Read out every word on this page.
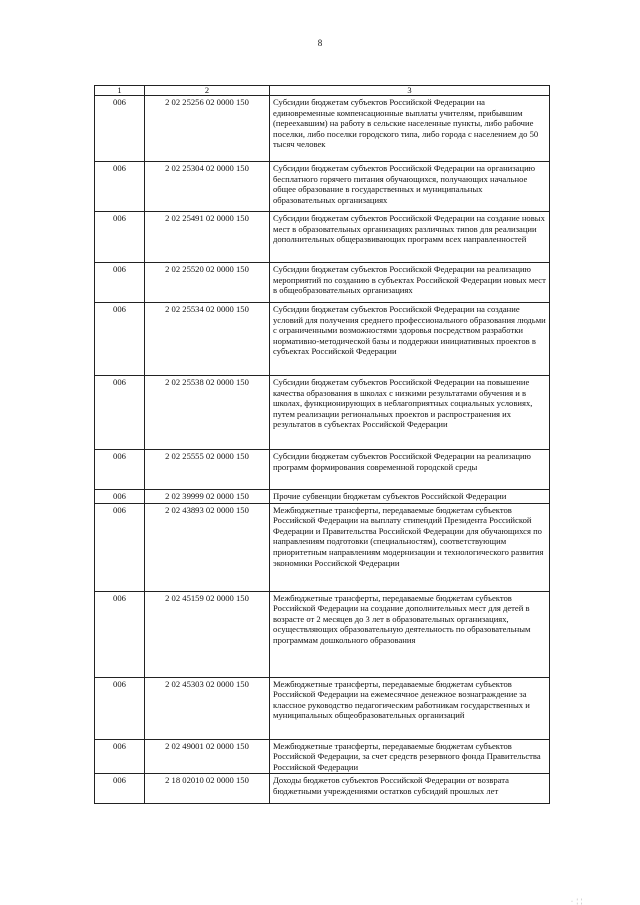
8
1	2	3
006	2 02 25256 02 0000 150	Субсидии бюджетам субъектов Российской Федерации на единовременные компенсационные выплаты учителям, прибывшим (переехавшим) на работу в сельские населенные пункты, либо рабочие поселки, либо поселки городского типа, либо города с населением до 50 тысяч человек
006	2 02 25304 02 0000 150	Субсидии бюджетам субъектов Российской Федерации на организацию бесплатного горячего питания обучающихся, получающих начальное общее образование в государственных и муниципальных образовательных организациях
006	2 02 25491 02 0000 150	Субсидии бюджетам субъектов Российской Федерации на создание новых мест в образовательных организациях различных типов для реализации дополнительных общеразвивающих программ всех направленностей
006	2 02 25520 02 0000 150	Субсидии бюджетам субъектов Российской Федерации на реализацию мероприятий по созданию в субъектах Российской Федерации новых мест в общеобразовательных организациях
006	2 02 25534 02 0000 150	Субсидии бюджетам субъектов Российской Федерации на создание условий для получения среднего профессионального образования людьми с ограниченными возможностями здоровья посредством разработки нормативно-методической базы и поддержки инициативных проектов в субъектах Российской Федерации
006	2 02 25538 02 0000 150	Субсидии бюджетам субъектов Российской Федерации на повышение качества образования в школах с низкими результатами обучения и в школах, функционирующих в неблагоприятных социальных условиях, путем реализации региональных проектов и распространения их результатов в субъектах Российской Федерации
006	2 02 25555 02 0000 150	Субсидии бюджетам субъектов Российской Федерации на реализацию программ формирования современной городской среды
006	2 02 39999 02 0000 150	Прочие субвенции бюджетам субъектов Российской Федерации
006	2 02 43893 02 0000 150	Межбюджетные трансферты, передаваемые бюджетам субъектов Российской Федерации на выплату стипендий Президента Российской Федерации и Правительства Российской Федерации для обучающихся по направлениям подготовки (специальностям), соответствующим приоритетным направлениям модернизации и технологического развития экономики Российской Федерации
006	2 02 45159 02 0000 150	Межбюджетные трансферты, передаваемые бюджетам субъектов Российской Федерации на создание дополнительных мест для детей в возрасте от 2 месяцев до 3 лет в образовательных организациях, осуществляющих образовательную деятельность по образовательным программам дошкольного образования
006	2 02 45303 02 0000 150	Межбюджетные трансферты, передаваемые бюджетам субъектов Российской Федерации на ежемесячное денежное вознаграждение за классное руководство педагогическим работникам государственных и муниципальных общеобразовательных организаций
006	2 02 49001 02 0000 150	Межбюджетные трансферты, передаваемые бюджетам субъектов Российской Федерации, за счет средств резервного фонда Правительства Российской Федерации
006	2 18 02010 02 0000 150	Доходы бюджетов субъектов Российской Федерации от возврата бюджетными учреждениями остатков субсидий прошлых лет
· ¦ ¦
